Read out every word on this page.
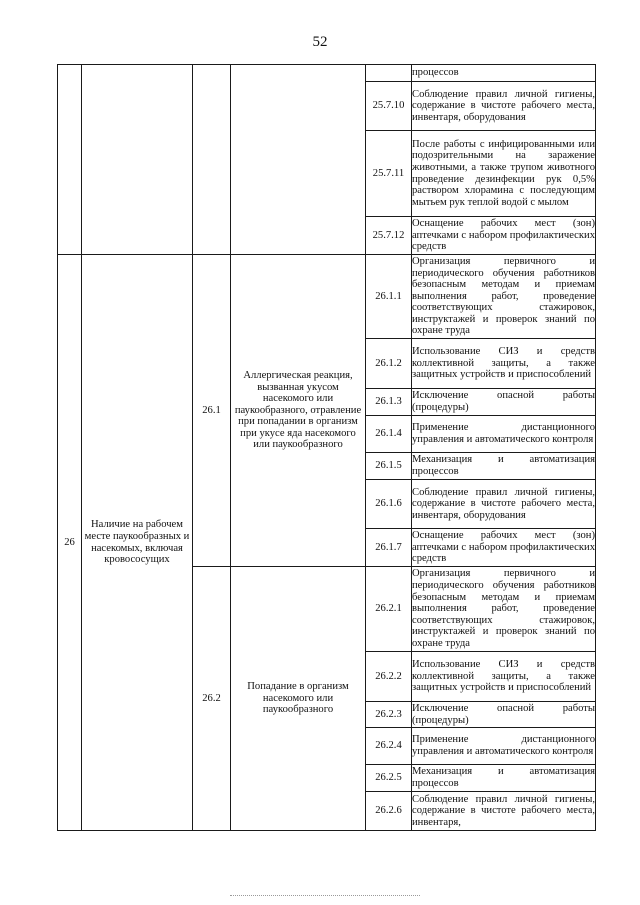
52
					процессов
				25.7.10	Соблюдение правил личной гигиены, содержание в чистоте рабочего места, инвентаря, оборудования
				25.7.11	После работы с инфицированными или подозрительными на заражение животными, а также трупом животного проведение дезинфекции рук 0,5% раствором хлорамина с последующим мытьем рук теплой водой с мылом
				25.7.12	Оснащение рабочих мест (зон) аптечками с набором профилактических средств
26	Наличие на рабочем месте паукообразных и насекомых, включая кровососущих	26.1	Аллергическая реакция, вызванная укусом насекомого или паукообразного, отравление при попадании в организм при укусе яда насекомого или паукообразного	26.1.1	Организация первичного и периодического обучения работников безопасным методам и приемам выполнения работ, проведение соответствующих стажировок, инструктажей и проверок знаний по охране труда
				26.1.2	Использование СИЗ и средств коллективной защиты, а также защитных устройств и приспособлений
				26.1.3	Исключение опасной работы (процедуры)
				26.1.4	Применение дистанционного управления и автоматического контроля
				26.1.5	Механизация и автоматизация процессов
				26.1.6	Соблюдение правил личной гигиены, содержание в чистоте рабочего места, инвентаря, оборудования
				26.1.7	Оснащение рабочих мест (зон) аптечками с набором профилактических средств
		26.2	Попадание в организм насекомого или паукообразного	26.2.1	Организация первичного и периодического обучения работников безопасным методам и приемам выполнения работ, проведение соответствующих стажировок, инструктажей и проверок знаний по охране труда
				26.2.2	Использование СИЗ и средств коллективной защиты, а также защитных устройств и приспособлений
				26.2.3	Исключение опасной работы (процедуры)
				26.2.4	Применение дистанционного управления и автоматического контроля
				26.2.5	Механизация и автоматизация процессов
				26.2.6	Соблюдение правил личной гигиены, содержание в чистоте рабочего места, инвентаря,
